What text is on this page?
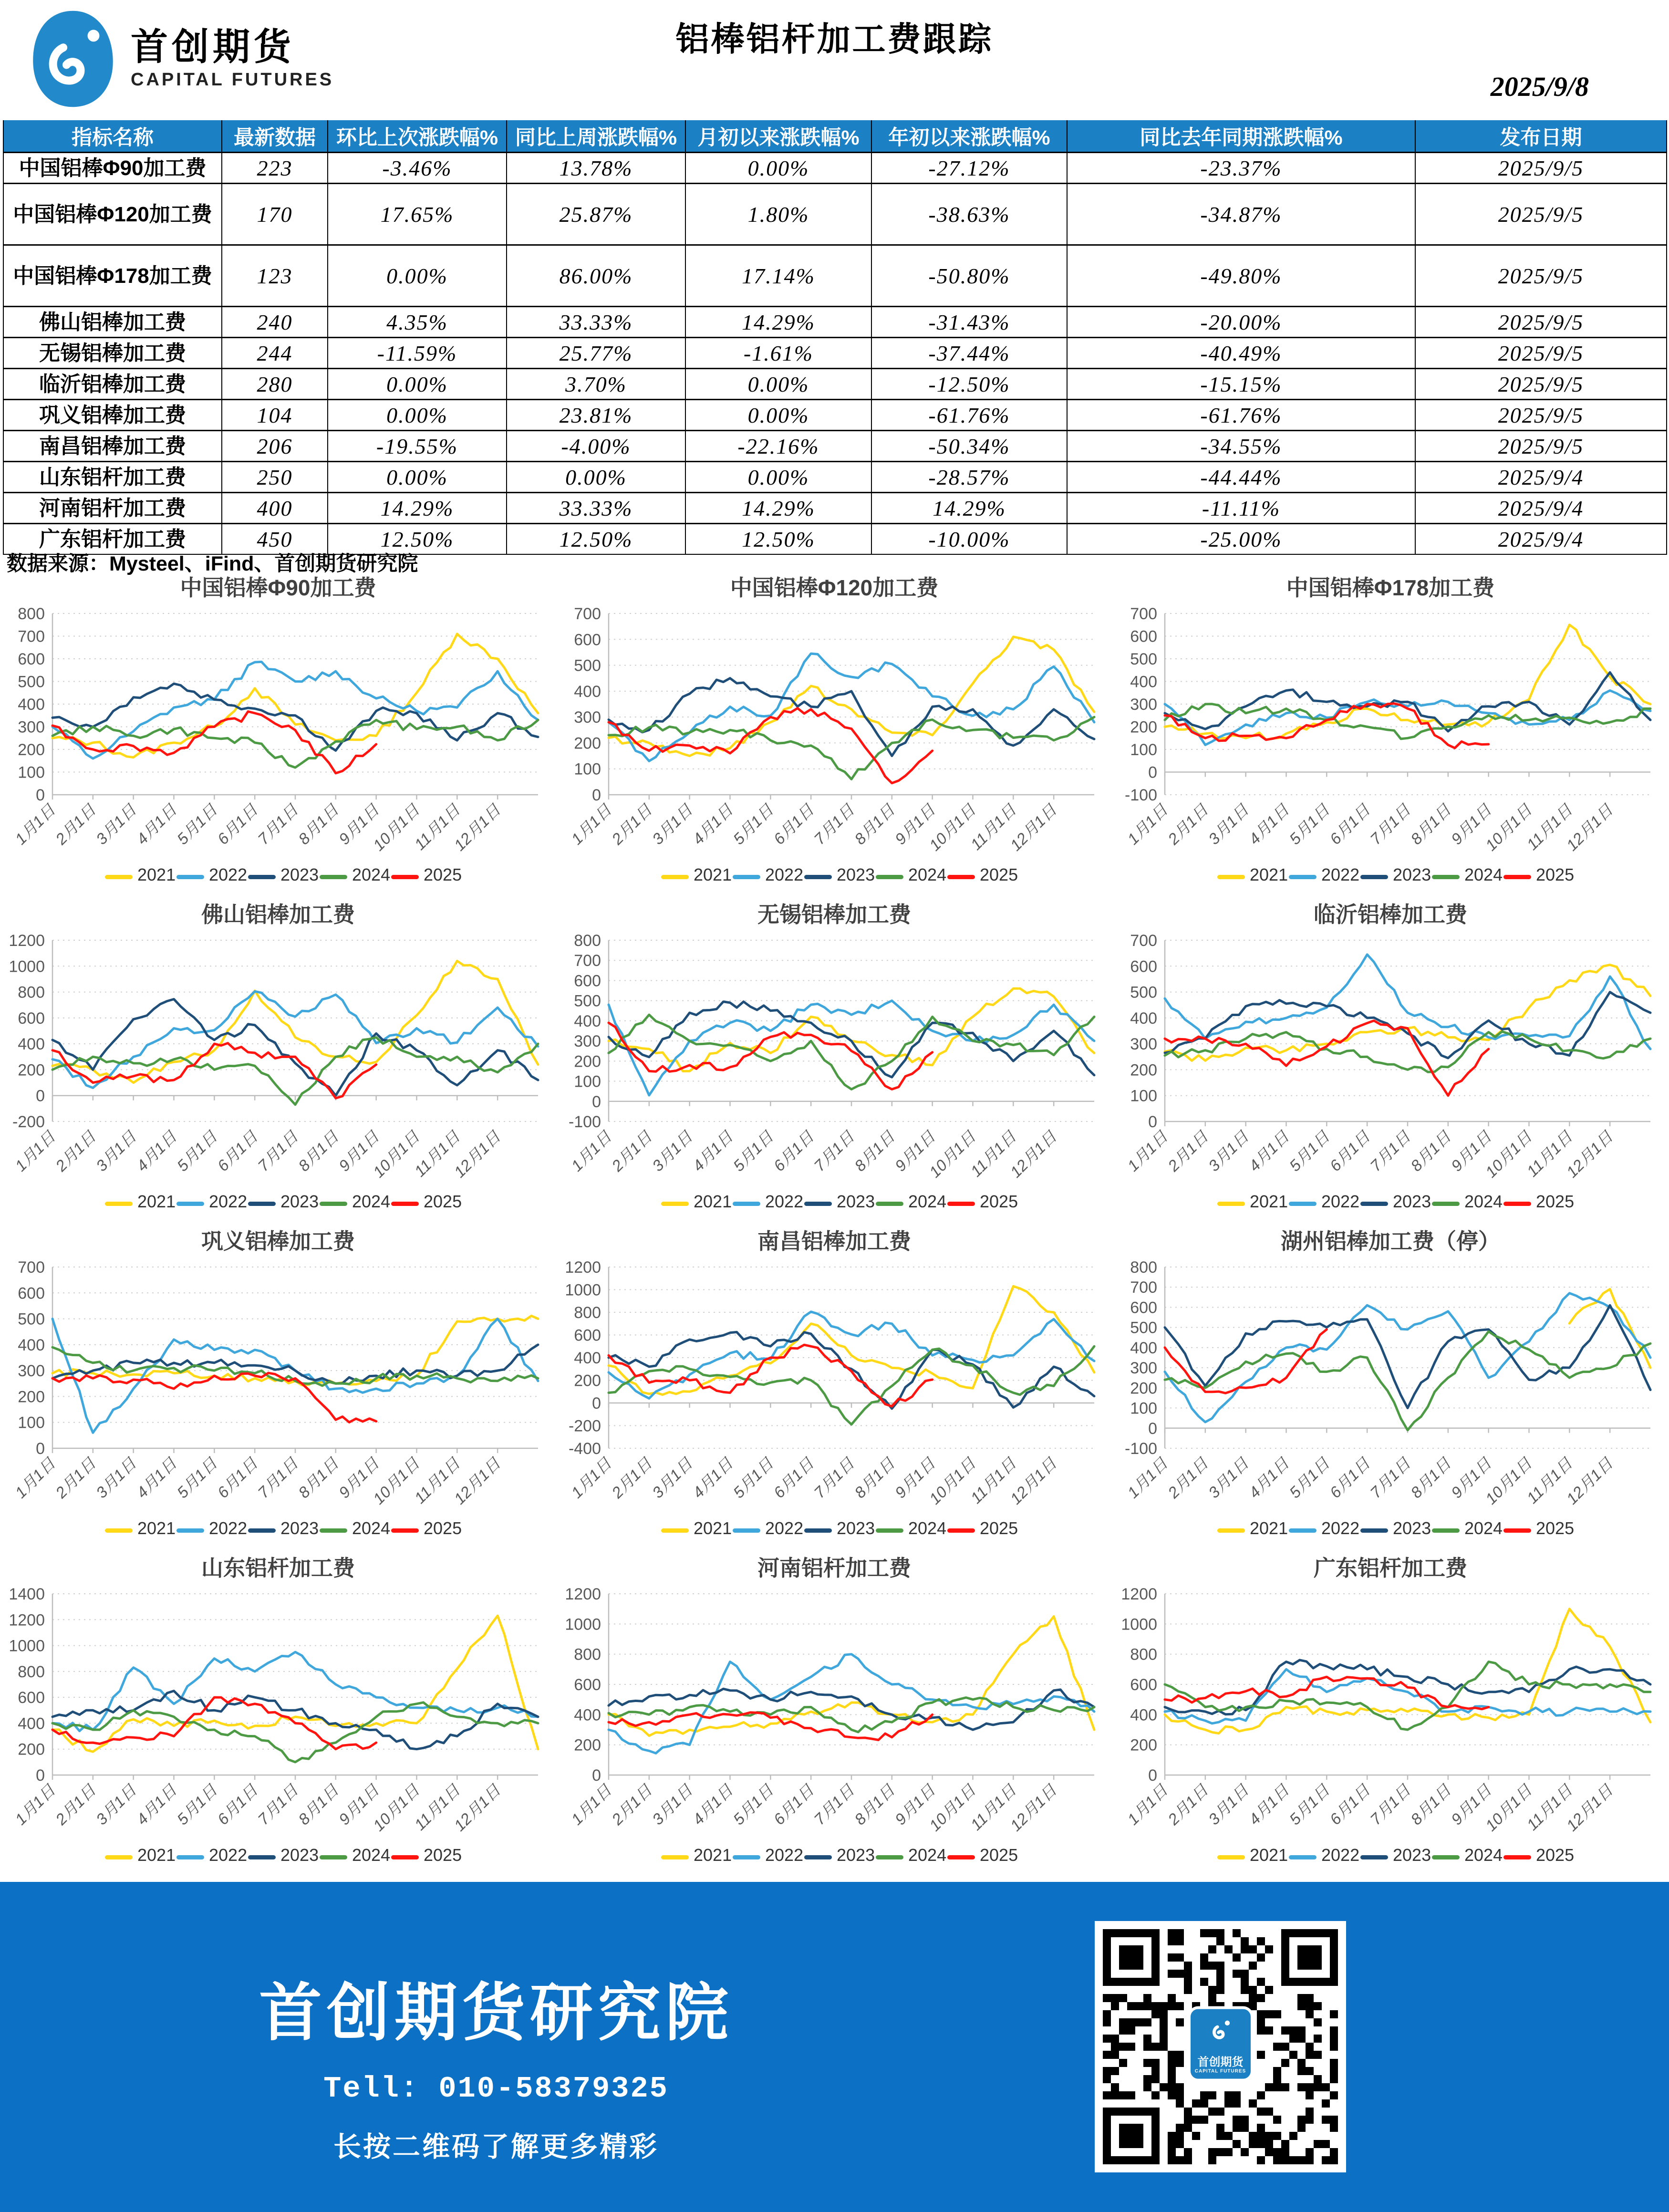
首创期货
CAPITAL FUTURES
铝棒铝杆加工费跟踪
2025/9/8
指标名称	最新数据	环比上次涨跌幅%	同比上周涨跌幅%	月初以来涨跌幅%	年初以来涨跌幅%	同比去年同期涨跌幅%	发布日期
中国铝棒Φ90加工费	223	-3.46%	13.78%	0.00%	-27.12%	-23.37%	2025/9/5
中国铝棒Φ120加工费	170	17.65%	25.87%	1.80%	-38.63%	-34.87%	2025/9/5
中国铝棒Φ178加工费	123	0.00%	86.00%	17.14%	-50.80%	-49.80%	2025/9/5
佛山铝棒加工费	240	4.35%	33.33%	14.29%	-31.43%	-20.00%	2025/9/5
无锡铝棒加工费	244	-11.59%	25.77%	-1.61%	-37.44%	-40.49%	2025/9/5
临沂铝棒加工费	280	0.00%	3.70%	0.00%	-12.50%	-15.15%	2025/9/5
巩义铝棒加工费	104	0.00%	23.81%	0.00%	-61.76%	-61.76%	2025/9/5
南昌铝棒加工费	206	-19.55%	-4.00%	-22.16%	-50.34%	-34.55%	2025/9/5
山东铝杆加工费	250	0.00%	0.00%	0.00%	-28.57%	-44.44%	2025/9/4
河南铝杆加工费	400	14.29%	33.33%	14.29%	14.29%	-11.11%	2025/9/4
广东铝杆加工费	450	12.50%	12.50%	12.50%	-10.00%	-25.00%	2025/9/4
数据来源：Mysteel、iFind、首创期货研究院
中国铝棒Φ90加工费
0
100
200
300
400
500
600
700
800
1月1日
2月1日
3月1日
4月1日
5月1日
6月1日
7月1日
8月1日
9月1日
10月1日
11月1日
12月1日
2021 2022 2023 2024 2025
中国铝棒Φ120加工费
0
100
200
300
400
500
600
700
1月1日
2月1日
3月1日
4月1日
5月1日
6月1日
7月1日
8月1日
9月1日
10月1日
11月1日
12月1日
2021 2022 2023 2024 2025
中国铝棒Φ178加工费
-100
0
100
200
300
400
500
600
700
1月1日
2月1日
3月1日
4月1日
5月1日
6月1日
7月1日
8月1日
9月1日
10月1日
11月1日
12月1日
2021 2022 2023 2024 2025
佛山铝棒加工费
-200
0
200
400
600
800
1000
1200
1月1日
2月1日
3月1日
4月1日
5月1日
6月1日
7月1日
8月1日
9月1日
10月1日
11月1日
12月1日
2021 2022 2023 2024 2025
无锡铝棒加工费
-100
0
100
200
300
400
500
600
700
800
1月1日
2月1日
3月1日
4月1日
5月1日
6月1日
7月1日
8月1日
9月1日
10月1日
11月1日
12月1日
2021 2022 2023 2024 2025
临沂铝棒加工费
0
100
200
300
400
500
600
700
1月1日
2月1日
3月1日
4月1日
5月1日
6月1日
7月1日
8月1日
9月1日
10月1日
11月1日
12月1日
2021 2022 2023 2024 2025
巩义铝棒加工费
0
100
200
300
400
500
600
700
1月1日
2月1日
3月1日
4月1日
5月1日
6月1日
7月1日
8月1日
9月1日
10月1日
11月1日
12月1日
2021 2022 2023 2024 2025
南昌铝棒加工费
-400
-200
0
200
400
600
800
1000
1200
1月1日
2月1日
3月1日
4月1日
5月1日
6月1日
7月1日
8月1日
9月1日
10月1日
11月1日
12月1日
2021 2022 2023 2024 2025
湖州铝棒加工费（停）
-100
0
100
200
300
400
500
600
700
800
1月1日
2月1日
3月1日
4月1日
5月1日
6月1日
7月1日
8月1日
9月1日
10月1日
11月1日
12月1日
2021 2022 2023 2024 2025
山东铝杆加工费
0
200
400
600
800
1000
1200
1400
1月1日
2月1日
3月1日
4月1日
5月1日
6月1日
7月1日
8月1日
9月1日
10月1日
11月1日
12月1日
2021 2022 2023 2024 2025
河南铝杆加工费
0
200
400
600
800
1000
1200
1月1日
2月1日
3月1日
4月1日
5月1日
6月1日
7月1日
8月1日
9月1日
10月1日
11月1日
12月1日
2021 2022 2023 2024 2025
广东铝杆加工费
0
200
400
600
800
1000
1200
1月1日
2月1日
3月1日
4月1日
5月1日
6月1日
7月1日
8月1日
9月1日
10月1日
11月1日
12月1日
2021 2022 2023 2024 2025
首创期货研究院
Tell: 010-58379325
长按二维码了解更多精彩
首创期货
CAPITAL FUTURES
